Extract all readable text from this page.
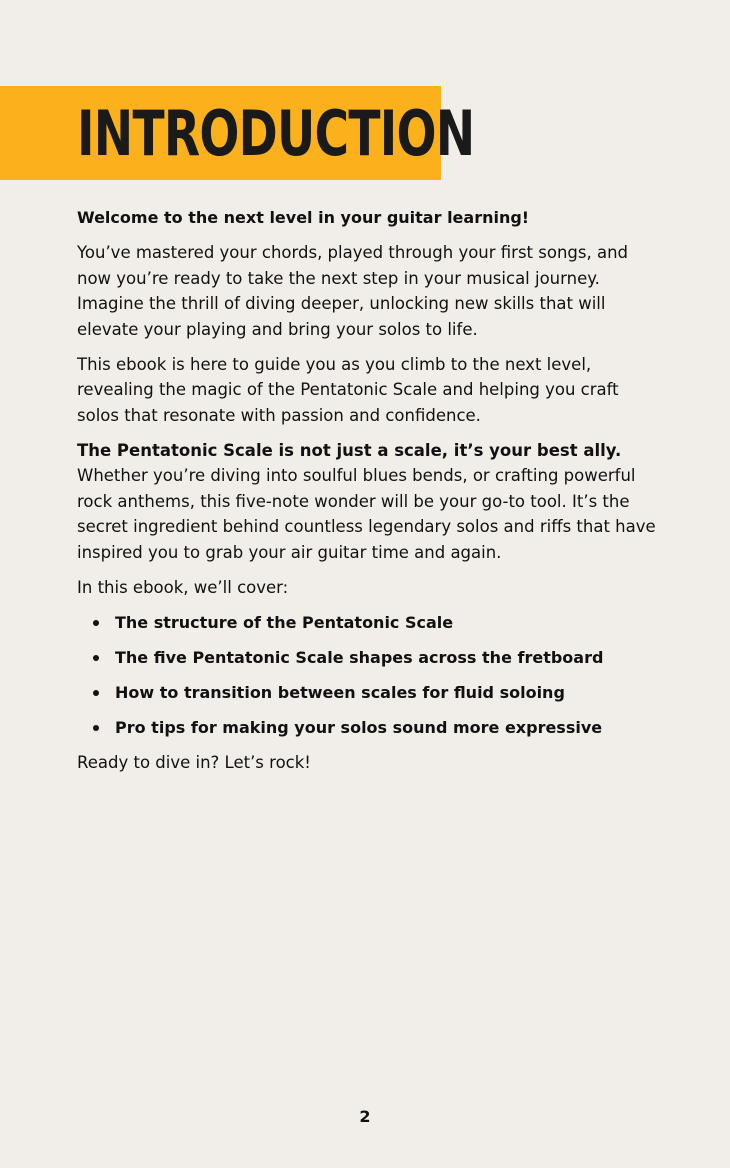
INTRODUCTION

Welcome to the next level in your guitar learning!

You’ve mastered your chords, played through your first songs, and now you’re ready to take the next step in your musical journey. Imagine the thrill of diving deeper, unlocking new skills that will elevate your playing and bring your solos to life.

This ebook is here to guide you as you climb to the next level, revealing the magic of the Pentatonic Scale and helping you craft solos that resonate with passion and confidence.

The Pentatonic Scale is not just a scale, it’s your best ally. Whether you’re diving into soulful blues bends, or crafting powerful rock anthems, this five-note wonder will be your go-to tool. It’s the secret ingredient behind countless legendary solos and riffs that have inspired you to grab your air guitar time and again.

In this ebook, we’ll cover:

The structure of the Pentatonic Scale
The five Pentatonic Scale shapes across the fretboard
How to transition between scales for fluid soloing
Pro tips for making your solos sound more expressive

Ready to dive in? Let’s rock!

2
